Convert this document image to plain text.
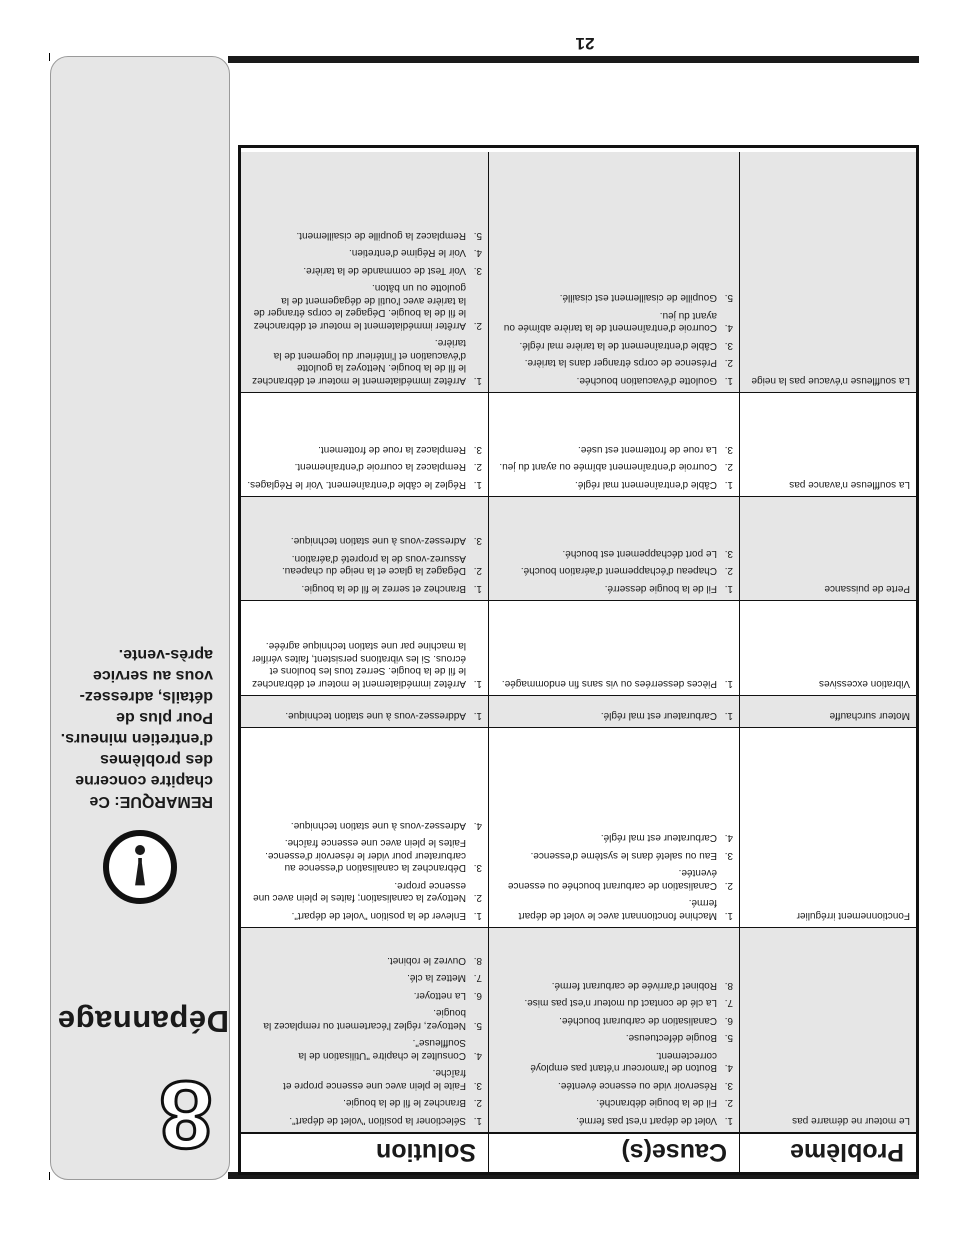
8
Dépannage
!
REMARQUE: Ce chapitre concerne des problèmes d'entretien mineurs. Pour plus de détails, adressez-vous au service après-vente.
Problème
Cause(s)
Solution
Le moteur ne démarre pas
1.
Volet de départ n'est pas fermé.
2.
Fil de la bougie débranché.
3.
Réservoir vide ou essence éventée.
4.
Bouton de l'amorceur n'étant pas employé correctement.
5.
Bougie défectueuse.
6.
Canalisation de carburant bouchée.
7.
La clé de contact du moteur n'est pas mise.
8.
Robinet d'arrivée de carburant fermé.
1.
Sélectioner la position "volet de départ".
2.
Branchez le fil de la bougie.
3.
Faite le plein avec une essence propre et fraîche.
4.
Consultez le chapitre "Utilisation de la Souffleuse".
5.
Nettoyez, réglez l'écartement ou remplacez la bougie.
6.
La nettoyer.
7.
Mettez la clé.
8.
Ouvrez le robinet.
Fonctionnement irrégulier
1.
Machine fonctionnant avec le volet de départ fermé.
2.
Canalisation de carburant bouchée ou essence éventée.
3.
Eau ou saleté dans le système d'essence.
4.
Carburateur est mal réglé.
1.
Enlever de la position "volet de départ".
2.
Nettoyez la canalisation; faites le plein avec une essence propre.
3.
Débranchez la canalisation d'essence au carburateur pour vider le réservoir d'essence. Faites le plein avec une essence fraîche.
4.
Adressez-vous à une station technique.
Moteur surchauffe
1.
Carburateur est mal réglé.
1.
Addressez-vous à une station technique.
Vibration excessives
1.
Pièces desserrées ou vis sans fin endommagée.
1.
Arrêtez immédiatement le moteur et débranchez le fil de la bougie. Serrez tous les boulons et écrous. Si les vibrations persistent, faites vérifier la machine par une station technique agréée.
Perte de puissance
1.
Fil de la bougie desserré.
2.
Chapeau d'échappement d'aération bouché.
3.
Le port déchappement est bouché.
1.
Branchez et serrez le fil de la bougie.
2.
Dégagez la glace et la neige du chapeau. Assurez-vous de la propreté d'aération.
3.
Adressez-vous à une station technique.
La souffleuse n'avance pas
1.
Câble d'entraînement mal réglé.
2.
Courroie d'entraînement abîmée ou ayant du jeu.
3.
La roue de frottement est usée.
1.
Réglez le câble d'entraînement. Voir le Réglages.
2.
Remplacez la courroie d'entraînement.
3.
Remplacez la roue de frottement.
La souffleuse n'évacue pas la neige
1.
Goulotte d'évacuation bouchée.
2.
Présence de corps étranger dans la tarière.
3.
Câble d'entraînement de la tarière mal réglé.
4.
Courroie d'entraînement de la tarière abîmée ou ayant du jeu.
5.
Goupille de cisaillement est cisaillé.
1.
Arrêtez immédiatement le moteur et débranchez le fil de la bougie. Nettoyez la goulotte d'évacuation et l'intérieur du logement de la tarière.
2.
Arrêter immédiatement le moteur et débranchez le fil de la bougie. Dégagez le corps étranger de la tarière avec l'outil de dégagement de la goulotte ou un bâton.
3.
Voir Test de commande de la tarière.
4.
Voir le Régime d'entretien.
5.
Remplacez la goupille de cisaillement.
21
